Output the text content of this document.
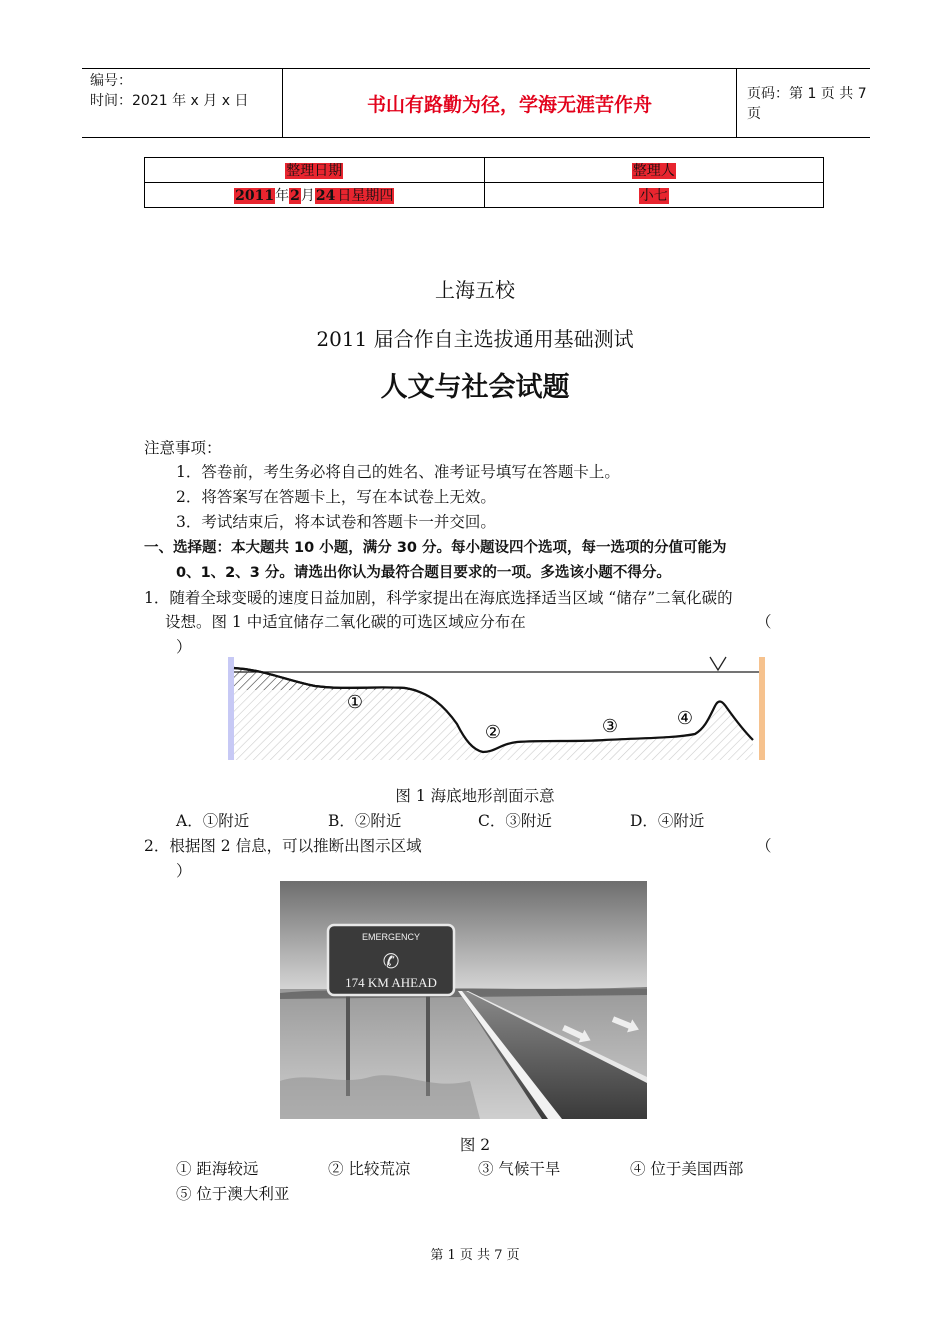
编号：
时间：2021 年 x 月 x 日	书山有路勤为径，学海无涯苦作舟	页码：第 1 页 共 7 页
整理日期	整理人
2011年2月24 日星期四	小七
上海五校
2011 届合作自主选拔通用基础测试
人文与社会试题
注意事项：
1．答卷前，考生务必将自己的姓名、准考证号填写在答题卡上。
2．将答案写在答题卡上，写在本试卷上无效。
3．考试结束后，将本试卷和答题卡一并交回。
一、选择题：本大题共 10 小题，满分 30 分。每小题设四个选项，每一选项的分值可能为
0、1、2、3 分。请选出你认为最符合题目要求的一项。多选该小题不得分。
1．随着全球变暖的速度日益加剧，科学家提出在海底选择适当区域 “储存”二氧化碳的
设想。图 1 中适宜储存二氧化碳的可选区域应分布在	（
）
①
②	③	④
图 1 海底地形剖面示意
A．①附近	B．②附近	C．③附近	D．④附近
2．根据图 2 信息，可以推断出图示区域	（
）
EMERGENCY
✆
174 KM AHEAD
图 2
① 距海较远	② 比较荒凉	③ 气候干旱	④ 位于美国西部
⑤ 位于澳大利亚
第 1 页 共 7 页
